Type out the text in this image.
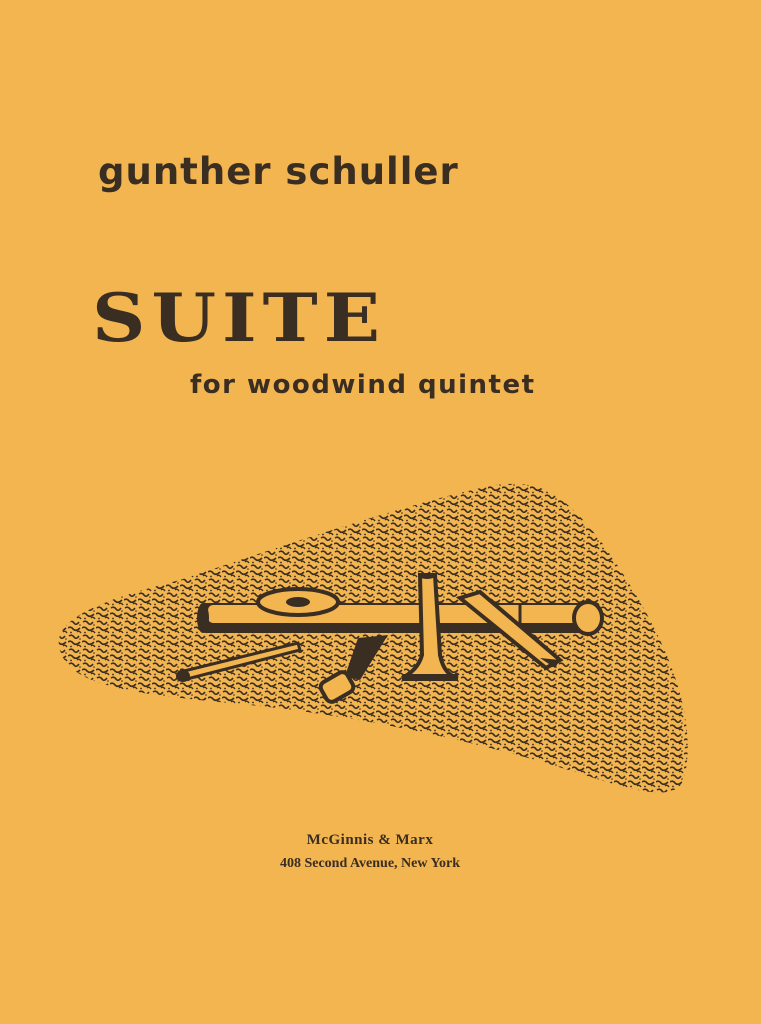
gunther schuller
SUITE
for woodwind quintet
McGinnis & Marx
408 Second Avenue, New York
